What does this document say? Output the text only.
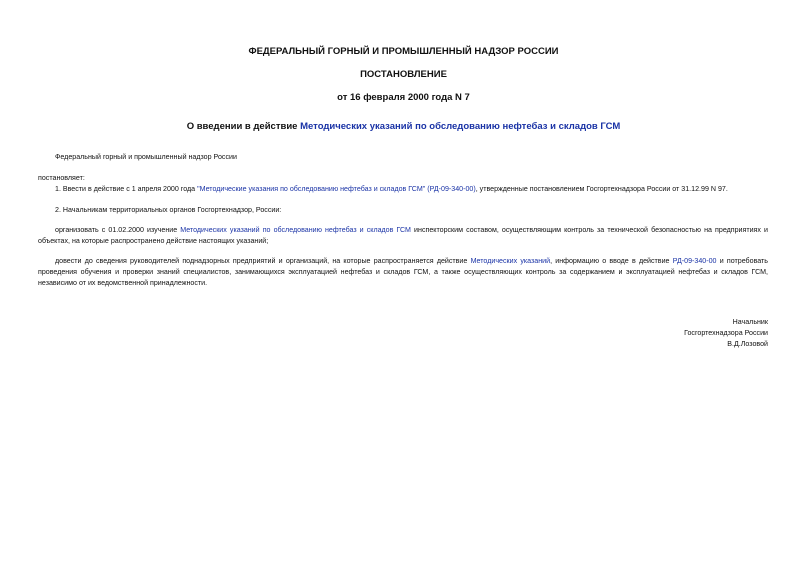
ФЕДЕРАЛЬНЫЙ ГОРНЫЙ И ПРОМЫШЛЕННЫЙ НАДЗОР РОССИИ
ПОСТАНОВЛЕНИЕ
от 16 февраля 2000 года N 7
О введении в действие Методических указаний по обследованию нефтебаз и складов ГСМ
Федеральный горный и промышленный надзор России
постановляет:
1. Ввести в действие с 1 апреля 2000 года "Методические указания по обследованию нефтебаз и складов ГСМ" (РД-09-340-00), утвержденные постановлением Госгортехнадзора России от 31.12.99 N 97.
2. Начальникам территориальных органов Госгортехнадзор, России:
организовать с 01.02.2000 изучение Методических указаний по обследованию нефтебаз и складов ГСМ инспекторским составом, осуществляющим контроль за технической безопасностью на предприятиях и объектах, на которые распространено действие настоящих указаний;
довести до сведения руководителей поднадзорных предприятий и организаций, на которые распространяется действие Методических указаний, информацию о вводе в действие РД-09-340-00 и потребовать проведения обучения и проверки знаний специалистов, занимающихся эксплуатацией нефтебаз и складов ГСМ, а также осуществляющих контроль за содержанием и эксплуатацией нефтебаз и складов ГСМ, независимо от их ведомственной принадлежности.
Начальник
Госгортехнадзора России
В.Д.Лозовой
